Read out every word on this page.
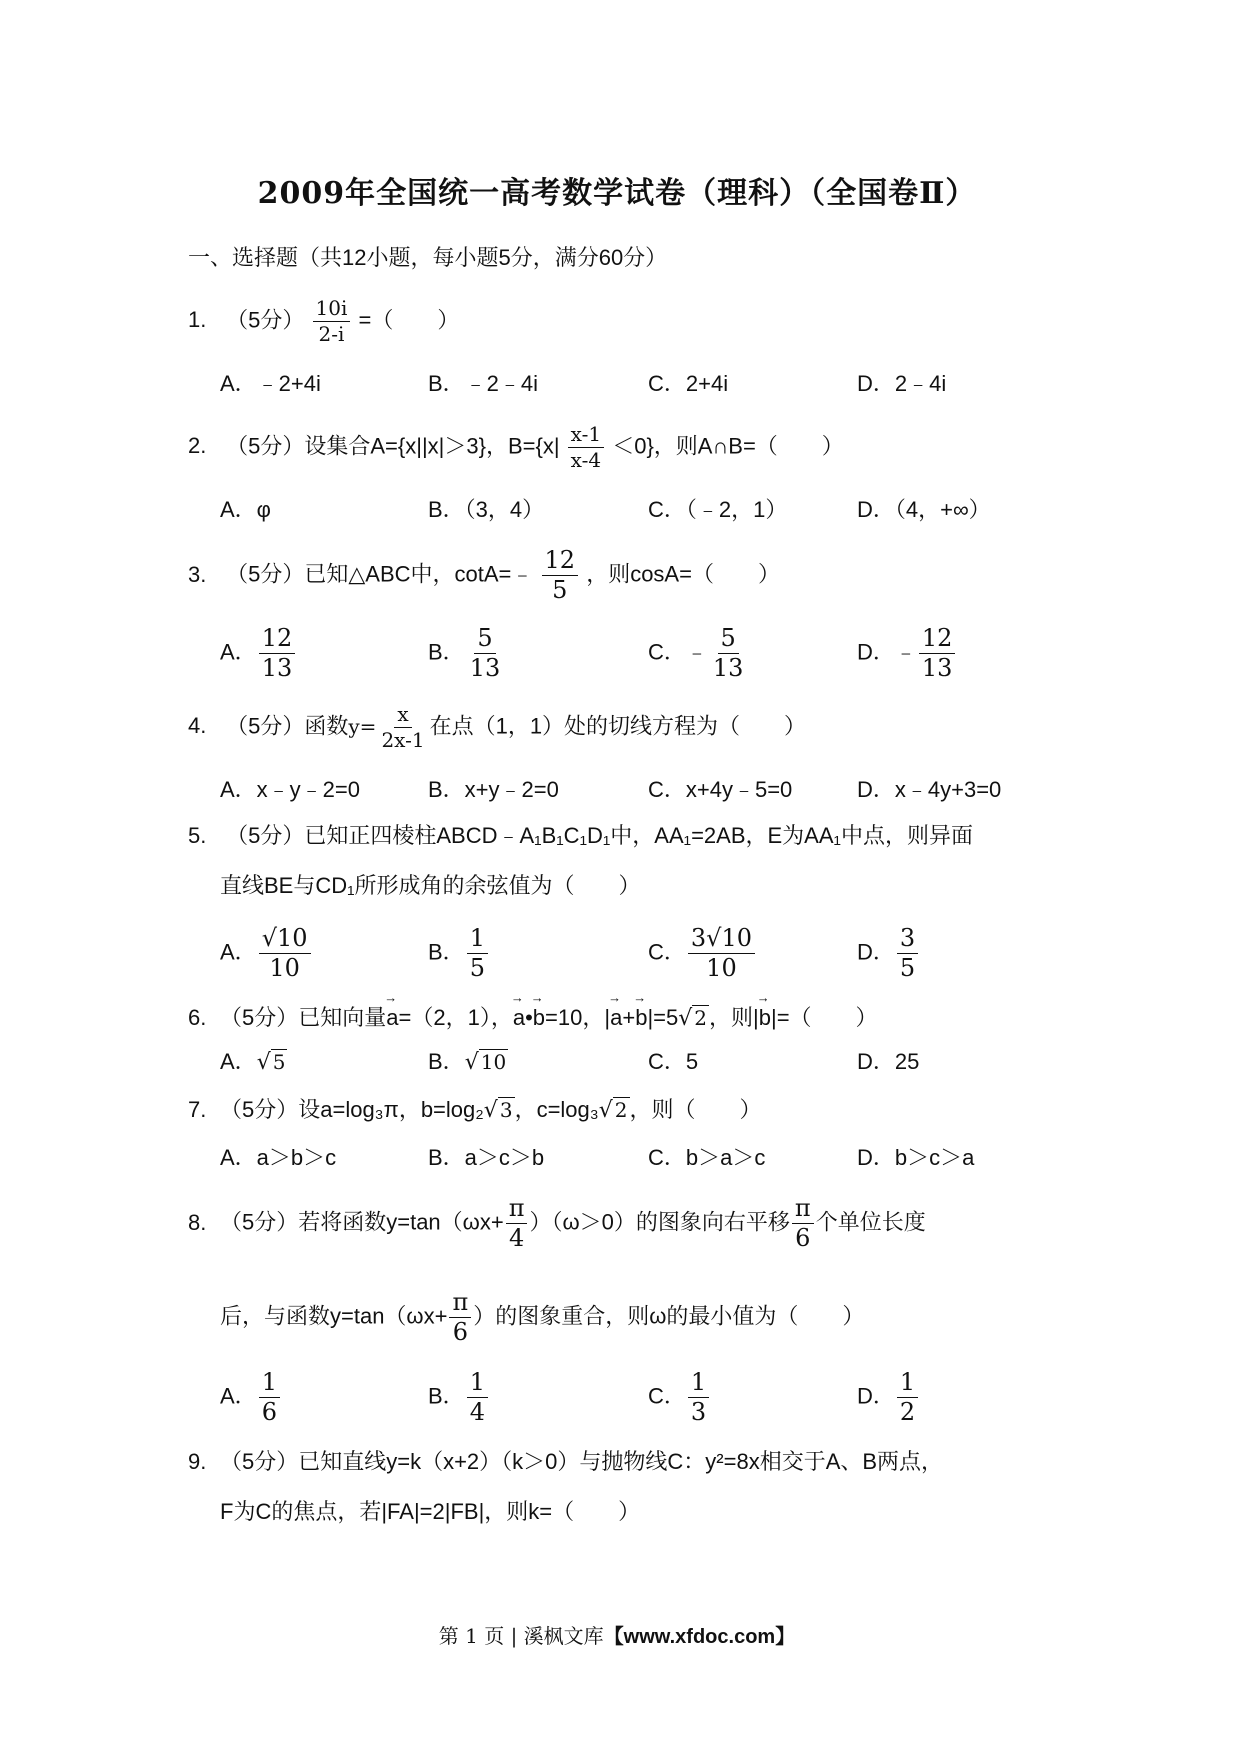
2009年全国统一高考数学试卷（理科）（全国卷Ⅱ）
一、选择题（共12小题，每小题5分，满分60分）
1. （5分） $\frac{10i}{2-i}$ =（　　）
A．﹣2+4i	B．﹣2﹣4i	C．2+4i	D．2﹣4i
2. （5分）设集合A={x||x|＞3}，$B=\{x| \frac{x-1}{x-4} <0\}$，则A∩B=（　　）
A．φ	B．（3，4）	C．（﹣2，1）	D．（4，+∞）
3. （5分）已知△ABC中，cotA=﹣ $\frac{12}{5}$ ，则cosA=（　　）
A． $\frac{12}{13}$	B． $\frac{5}{13}$	C．﹣ $\frac{5}{13}$	D．﹣ $\frac{12}{13}$
4. （5分）函数$y= \frac{x}{2x-1}$ 在点（1，1）处的切线方程为（　　）
A．x﹣y﹣2=0	B．x+y﹣2=0	C．x+4y﹣5=0	D．x﹣4y+3=0
5. （5分）已知正四棱柱ABCD﹣A₁B₁C₁D₁中，AA₁=2AB，E为AA₁中点，则异面
直线BE与CD₁所形成角的余弦值为（　　）
A． $\frac{√10}{10}$	B． $\frac{1}{5}$	C． $\frac{3√10}{10}$	D． $\frac{3}{5}$
6. （5分）已知向量→ a=（2，1），→ a•→ b=10，|→ a+→ b|=5√ 2，则|→ b|=（　　）
A．√ 5	B．√ 10	C．5	D．25
7. （5分）设a=log₃π，b=log₂√ 3，c=log₃√ 2，则（　　）
A．a＞b＞c	B．a＞c＞b	C．b＞a＞c	D．b＞c＞a
8. （5分）若将函数$y=\tan(\omega x+ \frac{\pi}{4} )(\omega>0)$的图象向右平移 $\frac{\pi}{6}$ 个单位长度
后，与函数$y=\tan(\omega x+ \frac{\pi}{6}$ ）的图象重合，则ω的最小值为（　　）
A． $\frac{1}{6}$	B． $\frac{1}{4}$	C． $\frac{1}{3}$	D． $\frac{1}{2}$
9. （5分）已知直线y=k（x+2）（k＞0）与抛物线C：y²=8x相交于A、B两点，
F为C的焦点，若|FA|=2|FB|，则k=（　　）
第 1 页 | 溪枫文库【www.xfdoc.com】
